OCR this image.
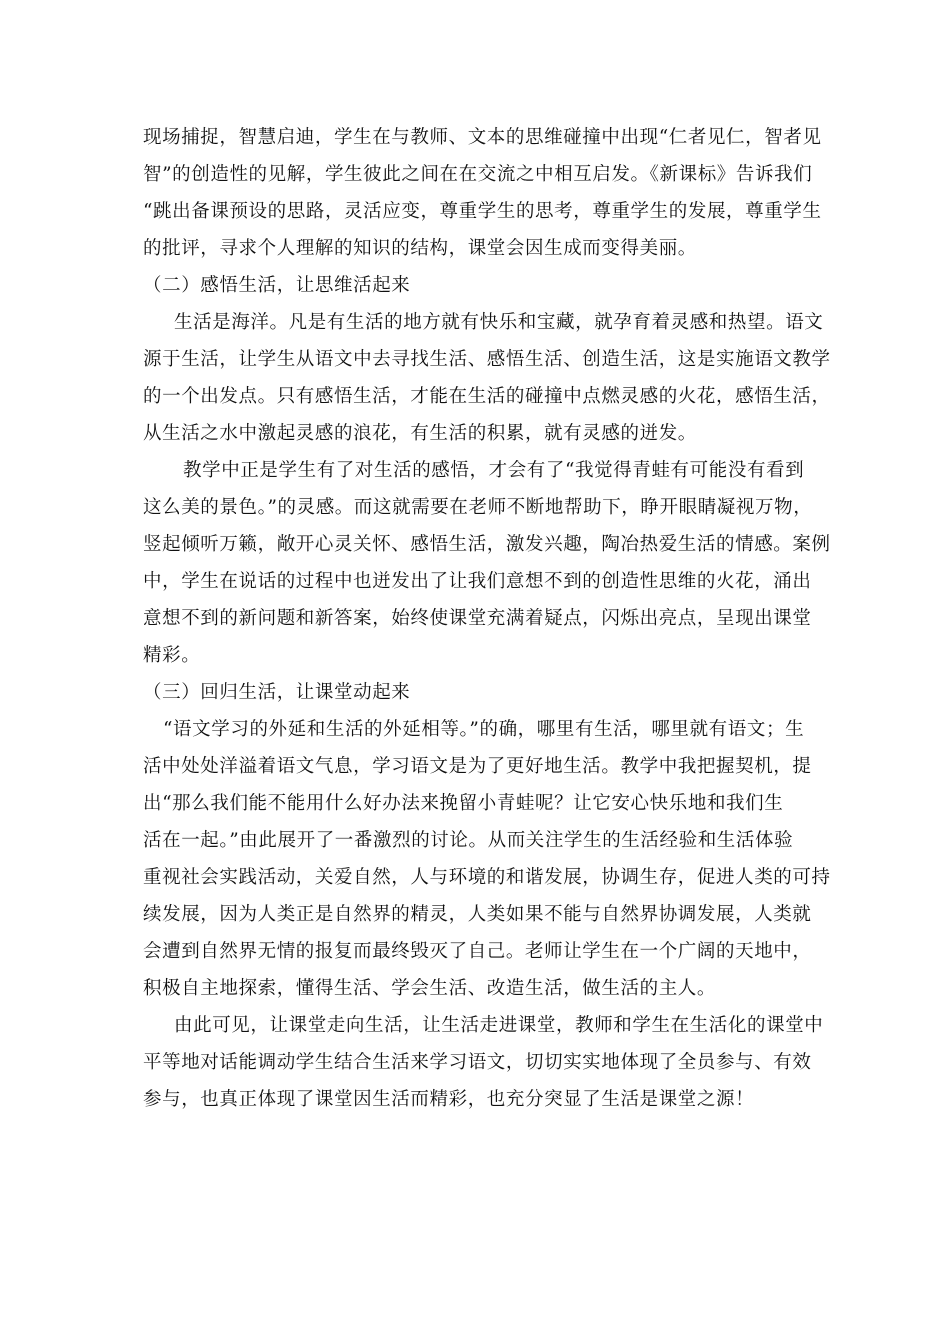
现场捕捉，智慧启迪，学生在与教师、文本的思维碰撞中出现“仁者见仁，智者见
智”的创造性的见解，学生彼此之间在在交流之中相互启发。《新课标》告诉我们
“跳出备课预设的思路，灵活应变，尊重学生的思考，尊重学生的发展，尊重学生
的批评，寻求个人理解的知识的结构，课堂会因生成而变得美丽。
（二）感悟生活，让思维活起来
生活是海洋。凡是有生活的地方就有快乐和宝藏，就孕育着灵感和热望。语文
源于生活，让学生从语文中去寻找生活、感悟生活、创造生活，这是实施语文教学
的一个出发点。只有感悟生活，才能在生活的碰撞中点燃灵感的火花，感悟生活，
从生活之水中激起灵感的浪花，有生活的积累，就有灵感的迸发。
教学中正是学生有了对生活的感悟，才会有了“我觉得青蛙有可能没有看到
这么美的景色。”的灵感。而这就需要在老师不断地帮助下，睁开眼睛凝视万物，
竖起倾听万籁，敞开心灵关怀、感悟生活，激发兴趣，陶冶热爱生活的情感。案例
中，学生在说话的过程中也迸发出了让我们意想不到的创造性思维的火花，涌出
意想不到的新问题和新答案，始终使课堂充满着疑点，闪烁出亮点，呈现出课堂
精彩。
（三）回归生活，让课堂动起来
“语文学习的外延和生活的外延相等。”的确，哪里有生活，哪里就有语文；生
活中处处洋溢着语文气息，学习语文是为了更好地生活。教学中我把握契机，提
出“那么我们能不能用什么好办法来挽留小青蛙呢？让它安心快乐地和我们生
活在一起。”由此展开了一番激烈的讨论。从而关注学生的生活经验和生活体验
重视社会实践活动，关爱自然，人与环境的和谐发展，协调生存，促进人类的可持
续发展，因为人类正是自然界的精灵，人类如果不能与自然界协调发展，人类就
会遭到自然界无情的报复而最终毁灭了自己。老师让学生在一个广阔的天地中，
积极自主地探索，懂得生活、学会生活、改造生活，做生活的主人。
由此可见，让课堂走向生活，让生活走进课堂，教师和学生在生活化的课堂中
平等地对话能调动学生结合生活来学习语文，切切实实地体现了全员参与、有效
参与，也真正体现了课堂因生活而精彩，也充分突显了生活是课堂之源！
